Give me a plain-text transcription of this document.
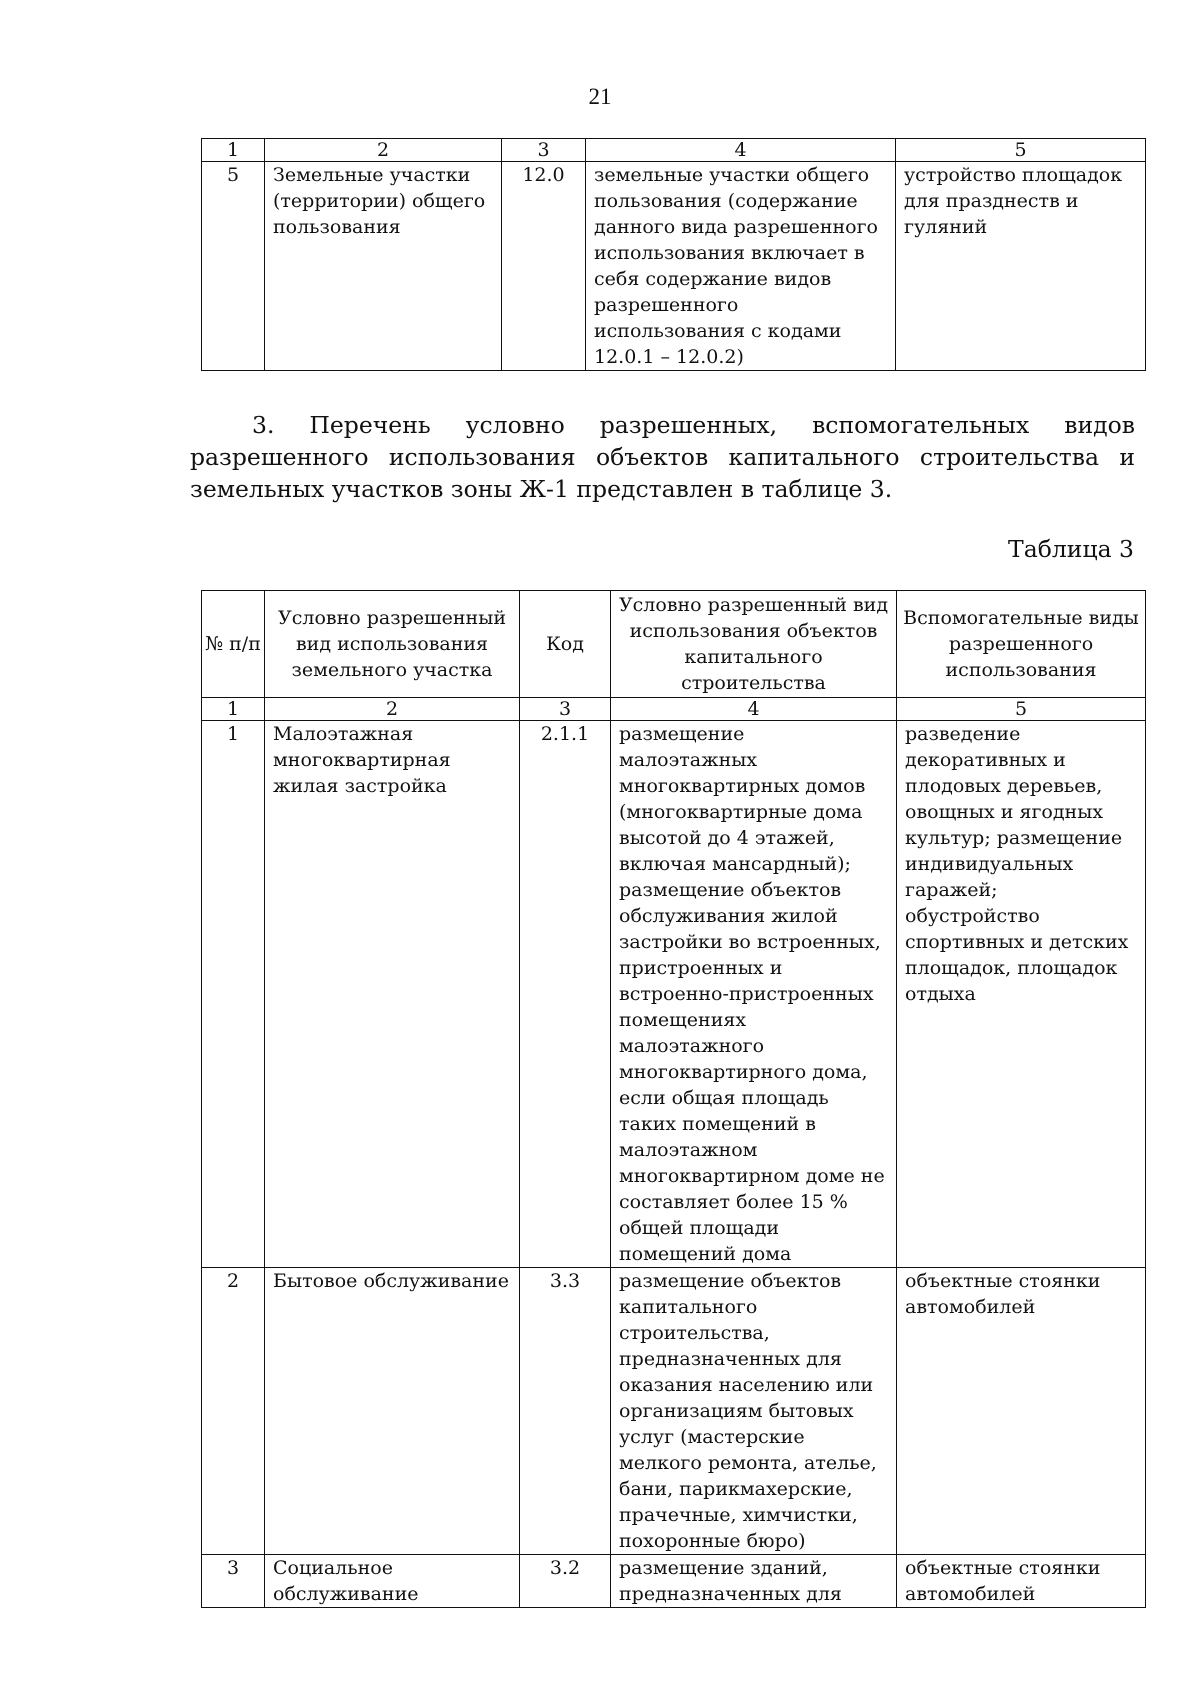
21
1	2	3	4	5
5	Земельные участки (территории) общего пользования	12.0	земельные участки общего пользования (содержание данного вида разрешенного использования включает в себя содержание видов разрешенного использования с кодами 12.0.1 – 12.0.2)	устройство площадок для празднеств и гуляний

3. Перечень условно разрешенных, вспомогательных видов разрешенного использования объектов капитального строительства и земельных участков зоны Ж-1 представлен в таблице 3.

Таблица 3
№ п/п	Условно разрешенный вид использования земельного участка	Код	Условно разрешенный вид использования объектов капитального строительства	Вспомогательные виды разрешенного использования
1	2	3	4	5
1	Малоэтажная многоквартирная жилая застройка	2.1.1	размещение малоэтажных многоквартирных домов (многоквартирные дома высотой до 4 этажей, включая мансардный); размещение объектов обслуживания жилой застройки во встроенных, пристроенных и встроенно-пристроенных помещениях малоэтажного многоквартирного дома, если общая площадь таких помещений в малоэтажном многоквартирном доме не составляет более 15 % общей площади помещений дома	разведение декоративных и плодовых деревьев, овощных и ягодных культур; размещение индивидуальных гаражей; обустройство спортивных и детских площадок, площадок отдыха
2	Бытовое обслуживание	3.3	размещение объектов капитального строительства, предназначенных для оказания населению или организациям бытовых услуг (мастерские мелкого ремонта, ателье, бани, парикмахерские, прачечные, химчистки, похоронные бюро)	объектные стоянки автомобилей
3	Социальное обслуживание	3.2	размещение зданий, предназначенных для	объектные стоянки автомобилей
